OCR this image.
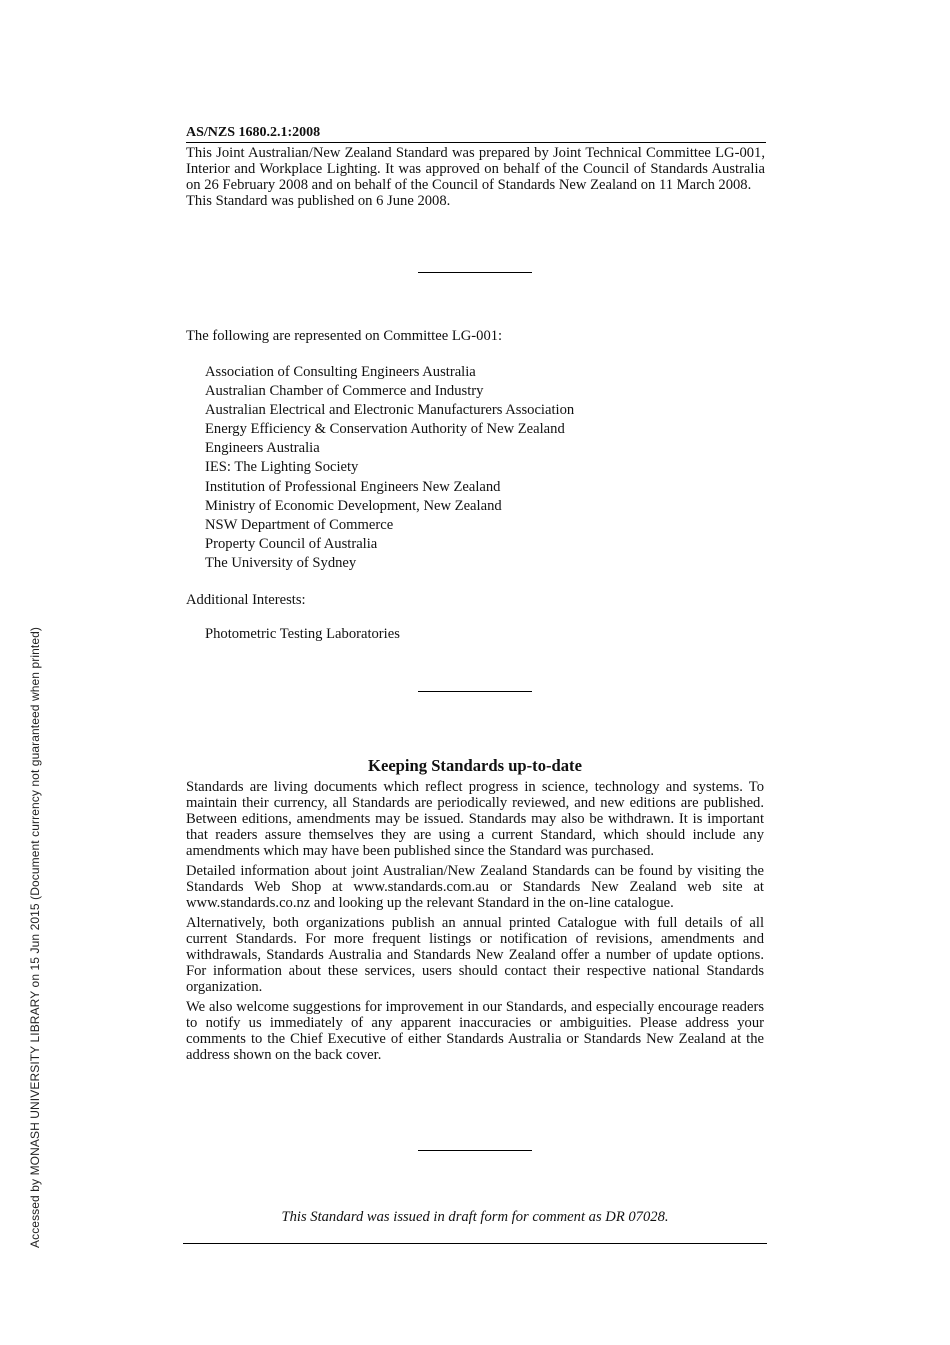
Accessed by MONASH UNIVERSITY LIBRARY on 15 Jun 2015 (Document currency not guaranteed when printed)
AS/NZS 1680.2.1:2008

This Joint Australian/New Zealand Standard was prepared by Joint Technical Committee LG-001, Interior and Workplace Lighting. It was approved on behalf of the Council of Standards Australia on 26 February 2008 and on behalf of the Council of Standards New Zealand on 11 March 2008.

This Standard was published on 6 June 2008.

The following are represented on Committee LG-001:
Association of Consulting Engineers Australia
Australian Chamber of Commerce and Industry
Australian Electrical and Electronic Manufacturers Association
Energy Efficiency & Conservation Authority of New Zealand
Engineers Australia
IES: The Lighting Society
Institution of Professional Engineers New Zealand
Ministry of Economic Development, New Zealand
NSW Department of Commerce
Property Council of Australia
The University of Sydney
Additional Interests:
Photometric Testing Laboratories
Keeping Standards up-to-date

Standards are living documents which reflect progress in science, technology and systems. To maintain their currency, all Standards are periodically reviewed, and new editions are published. Between editions, amendments may be issued. Standards may also be withdrawn. It is important that readers assure themselves they are using a current Standard, which should include any amendments which may have been published since the Standard was purchased.

Detailed information about joint Australian/New Zealand Standards can be found by visiting the Standards Web Shop at www.standards.com.au or Standards New Zealand web site at www.standards.co.nz and looking up the relevant Standard in the on-line catalogue.

Alternatively, both organizations publish an annual printed Catalogue with full details of all current Standards. For more frequent listings or notification of revisions, amendments and withdrawals, Standards Australia and Standards New Zealand offer a number of update options. For information about these services, users should contact their respective national Standards organization.

We also welcome suggestions for improvement in our Standards, and especially encourage readers to notify us immediately of any apparent inaccuracies or ambiguities. Please address your comments to the Chief Executive of either Standards Australia or Standards New Zealand at the address shown on the back cover.

This Standard was issued in draft form for comment as DR 07028.
